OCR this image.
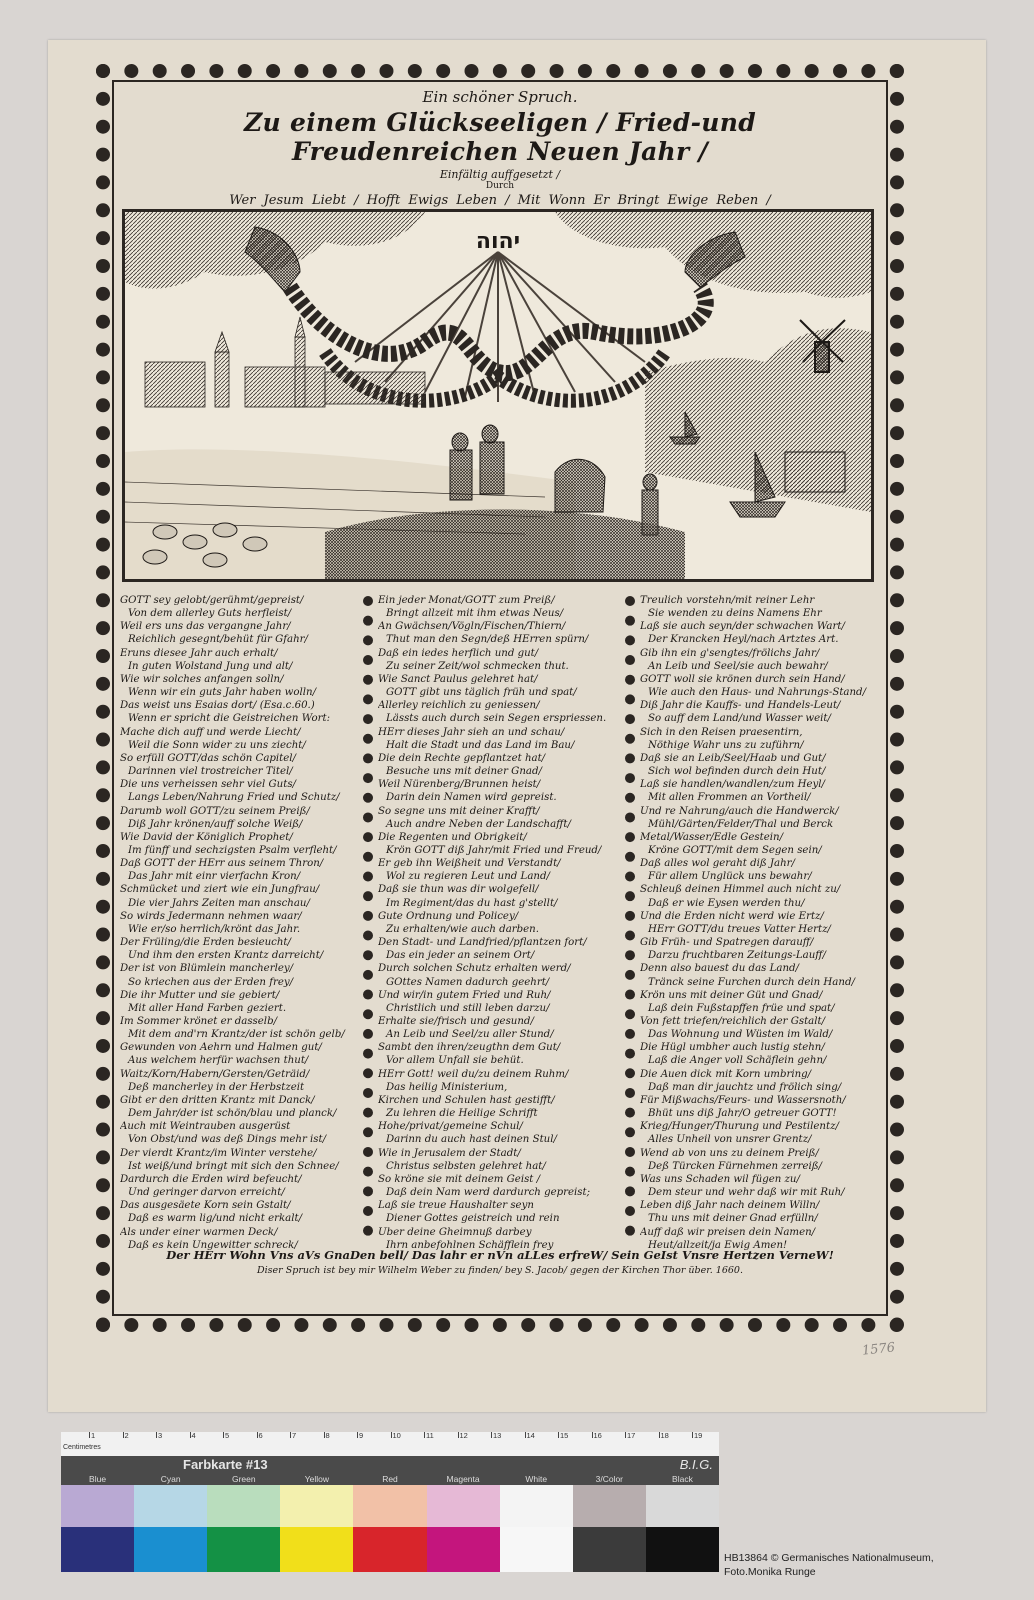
Ein schöner Spruch.
Zu einem Glückseeligen / Fried-und Freudenreichen Neuen Jahr /
Einfältig auffgesetzt /
Durch
Wer Jesum Liebt / Hofft Ewigs Leben / Mit Wonn Er Bringt Ewige Reben /
יהוה
GOTT sey gelobt/gerühmt/gepreist/
Von dem allerley Guts herfleist/
Weil ers uns das vergangne Jahr/
Reichlich gesegnt/behüt für Gfahr/
Eruns diesee Jahr auch erhalt/
In guten Wolstand Jung und alt/
Wie wir solches anfangen solln/
Wenn wir ein guts Jahr haben wolln/
Das weist uns Esaias dort/ (Esa.c.60.)
Wenn er spricht die Geistreichen Wort:
Mache dich auff und werde Liecht/
Weil die Sonn wider zu uns ziecht/
So erfüll GOTT/das schön Capitel/
Darinnen viel trostreicher Titel/
Die uns verheissen sehr viel Guts/
Langs Leben/Nahrung Fried und Schutz/
Darumb woll GOTT/zu seinem Preiß/
Diß Jahr krönen/auff solche Weiß/
Wie David der Königlich Prophet/
Im fünff und sechzigsten Psalm verfleht/
Daß GOTT der HErr aus seinem Thron/
Das Jahr mit einr vierfachn Kron/
Schmücket und ziert wie ein Jungfrau/
Die vier Jahrs Zeiten man anschau/
So wirds Jedermann nehmen waar/
Wie er/so herrlich/krönt das Jahr.
Der Früling/die Erden besieucht/
Und ihm den ersten Krantz darreicht/
Der ist von Blümlein mancherley/
So kriechen aus der Erden frey/
Die ihr Mutter und sie gebiert/
Mit aller Hand Farben geziert.
Im Sommer krönet er dasselb/
Mit dem and'rn Krantz/der ist schön gelb/
Gewunden von Aehrn und Halmen gut/
Aus welchem herfür wachsen thut/
Waitz/Korn/Habern/Gersten/Geträid/
Deß mancherley in der Herbstzeit
Gibt er den dritten Krantz mit Danck/
Dem Jahr/der ist schön/blau und planck/
Auch mit Weintrauben ausgerüst
Von Obst/und was deß Dings mehr ist/
Der vierdt Krantz/im Winter verstehe/
Ist weiß/und bringt mit sich den Schnee/
Dardurch die Erden wird befeucht/
Und geringer darvon erreicht/
Das ausgesäete Korn sein Gstalt/
Daß es warm lig/und nicht erkalt/
Als under einer warmen Deck/
Daß es kein Ungewitter schreck/
Ein jeder Monat/GOTT zum Preiß/
Bringt allzeit mit ihm etwas Neus/
An Gwächsen/Vögln/Fischen/Thiern/
Thut man den Segn/deß HErren spürn/
Daß ein iedes herflich und gut/
Zu seiner Zeit/wol schmecken thut.
Wie Sanct Paulus gelehret hat/
GOTT gibt uns täglich früh und spat/
Allerley reichlich zu geniessen/
Lässts auch durch sein Segen erspriessen.
HErr dieses Jahr sieh an und schau/
Halt die Stadt und das Land im Bau/
Die dein Rechte gepflantzet hat/
Besuche uns mit deiner Gnad/
Weil Nürenberg/Brunnen heist/
Darin dein Namen wird gepreist.
So segne uns mit deiner Krafft/
Auch andre Neben der Landschafft/
Die Regenten und Obrigkeit/
Krön GOTT diß Jahr/mit Fried und Freud/
Er geb ihn Weißheit und Verstandt/
Wol zu regieren Leut und Land/
Daß sie thun was dir wolgefell/
Im Regiment/das du hast g'stellt/
Gute Ordnung und Policey/
Zu erhalten/wie auch darben.
Den Stadt- und Landfried/pflantzen fort/
Das ein jeder an seinem Ort/
Durch solchen Schutz erhalten werd/
GOttes Namen dadurch geehrt/
Und wir/in gutem Fried und Ruh/
Christlich und still leben darzu/
Erhalte sie/frisch und gesund/
An Leib und Seel/zu aller Stund/
Sambt den ihren/zeugthn dem Gut/
Vor allem Unfall sie behüt.
HErr Gott! weil du/zu deinem Ruhm/
Das heilig Ministerium,
Kirchen und Schulen hast gestifft/
Zu lehren die Heilige Schrifft
Hohe/privat/gemeine Schul/
Darinn du auch hast deinen Stul/
Wie in Jerusalem der Stadt/
Christus selbsten gelehret hat/
So kröne sie mit deinem Geist /
Daß dein Nam werd dardurch gepreist;
Laß sie treue Haushalter seyn
Diener Gottes geistreich und rein
Uber deine Gheimnuß darbey
Ihrn anbefohlnen Schäfflein frey
Treulich vorstehn/mit reiner Lehr
Sie wenden zu deins Namens Ehr
Laß sie auch seyn/der schwachen Wart/
Der Krancken Heyl/nach Artztes Art.
Gib ihn ein g'sengtes/frölichs Jahr/
An Leib und Seel/sie auch bewahr/
GOTT woll sie krönen durch sein Hand/
Wie auch den Haus- und Nahrungs-Stand/
Diß Jahr die Kauffs- und Handels-Leut/
So auff dem Land/und Wasser weit/
Sich in den Reisen praesentirn,
Nöthige Wahr uns zu zuführn/
Daß sie an Leib/Seel/Haab und Gut/
Sich wol befinden durch dein Hut/
Laß sie handlen/wandlen/zum Heyl/
Mit allen Frommen an Vortheil/
Und re Nahrung/auch die Handwerck/
Mühl/Gärten/Felder/Thal und Berck
Metal/Wasser/Edle Gestein/
Kröne GOTT/mit dem Segen sein/
Daß alles wol geraht diß Jahr/
Für allem Unglück uns bewahr/
Schleuß deinen Himmel auch nicht zu/
Daß er wie Eysen werden thu/
Und die Erden nicht werd wie Ertz/
HErr GOTT/du treues Vatter Hertz/
Gib Früh- und Spatregen darauff/
Darzu fruchtbaren Zeitungs-Lauff/
Denn also bauest du das Land/
Tränck seine Furchen durch dein Hand/
Krön uns mit deiner Güt und Gnad/
Laß dein Fußstapffen früe und spat/
Von fett triefen/reichlich der Gstalt/
Das Wohnung und Wüsten im Wald/
Die Hügl umbher auch lustig stehn/
Laß die Anger voll Schäflein gehn/
Die Auen dick mit Korn umbring/
Daß man dir jauchtz und frölich sing/
Für Mißwachs/Feurs- und Wassersnoth/
Bhüt uns diß Jahr/O getreuer GOTT!
Krieg/Hunger/Thurung und Pestilentz/
Alles Unheil von unsrer Grentz/
Wend ab von uns zu deinem Preiß/
Deß Türcken Fürnehmen zerreiß/
Was uns Schaden wil fügen zu/
Dem steur und wehr daß wir mit Ruh/
Leben diß Jahr nach deinem Willn/
Thu uns mit deiner Gnad erfülln/
Auff daß wir preisen dein Namen/
Heut/allzeit/ja Ewig Amen!
Der HErr Wohn Vns aVs GnaDen bell/ Das lahr er nVn aLLes erfreW/ Sein GeIst Vnsre Hertzen VerneW!
Diser Spruch ist bey mir Wilhelm Weber zu finden/ bey S. Jacob/ gegen der Kirchen Thor über. 1660.
1576
Centimetres
1	2	3	4	5	6	7	8	9	10	11	12	13	14	15	16	17	18	19
Farbkarte #13	B.I.G.
Blue	Cyan	Green	Yellow	Red	Magenta	White	3/Color	Black
HB13864 © Germanisches Nationalmuseum,
Foto.Monika Runge
